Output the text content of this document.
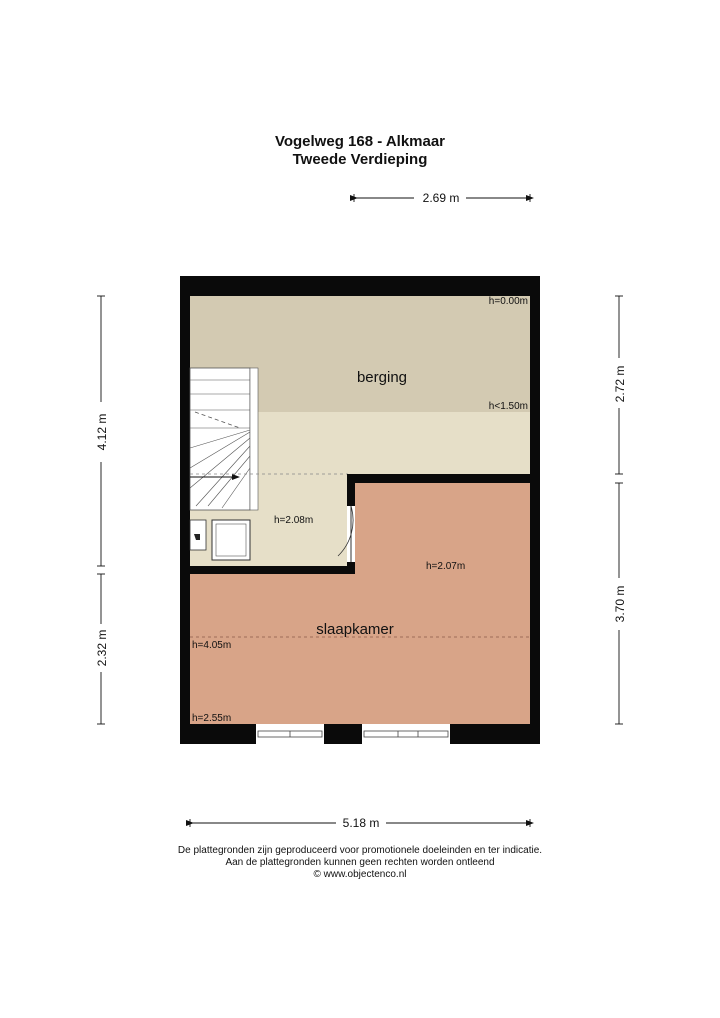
Vogelweg 168 - Alkmaar
Tweede Verdieping
berging
h=0.00m
h<1.50m
h=2.08m
h=2.07m
slaapkamer
h=4.05m
h=2.55m
2.69 m
4.12 m
2.32 m
2.72 m
3.70 m
5.18 m
De plattegronden zijn geproduceerd voor promotionele doeleinden en ter indicatie.
Aan de plattegronden kunnen geen rechten worden ontleend
© www.objectenco.nl
